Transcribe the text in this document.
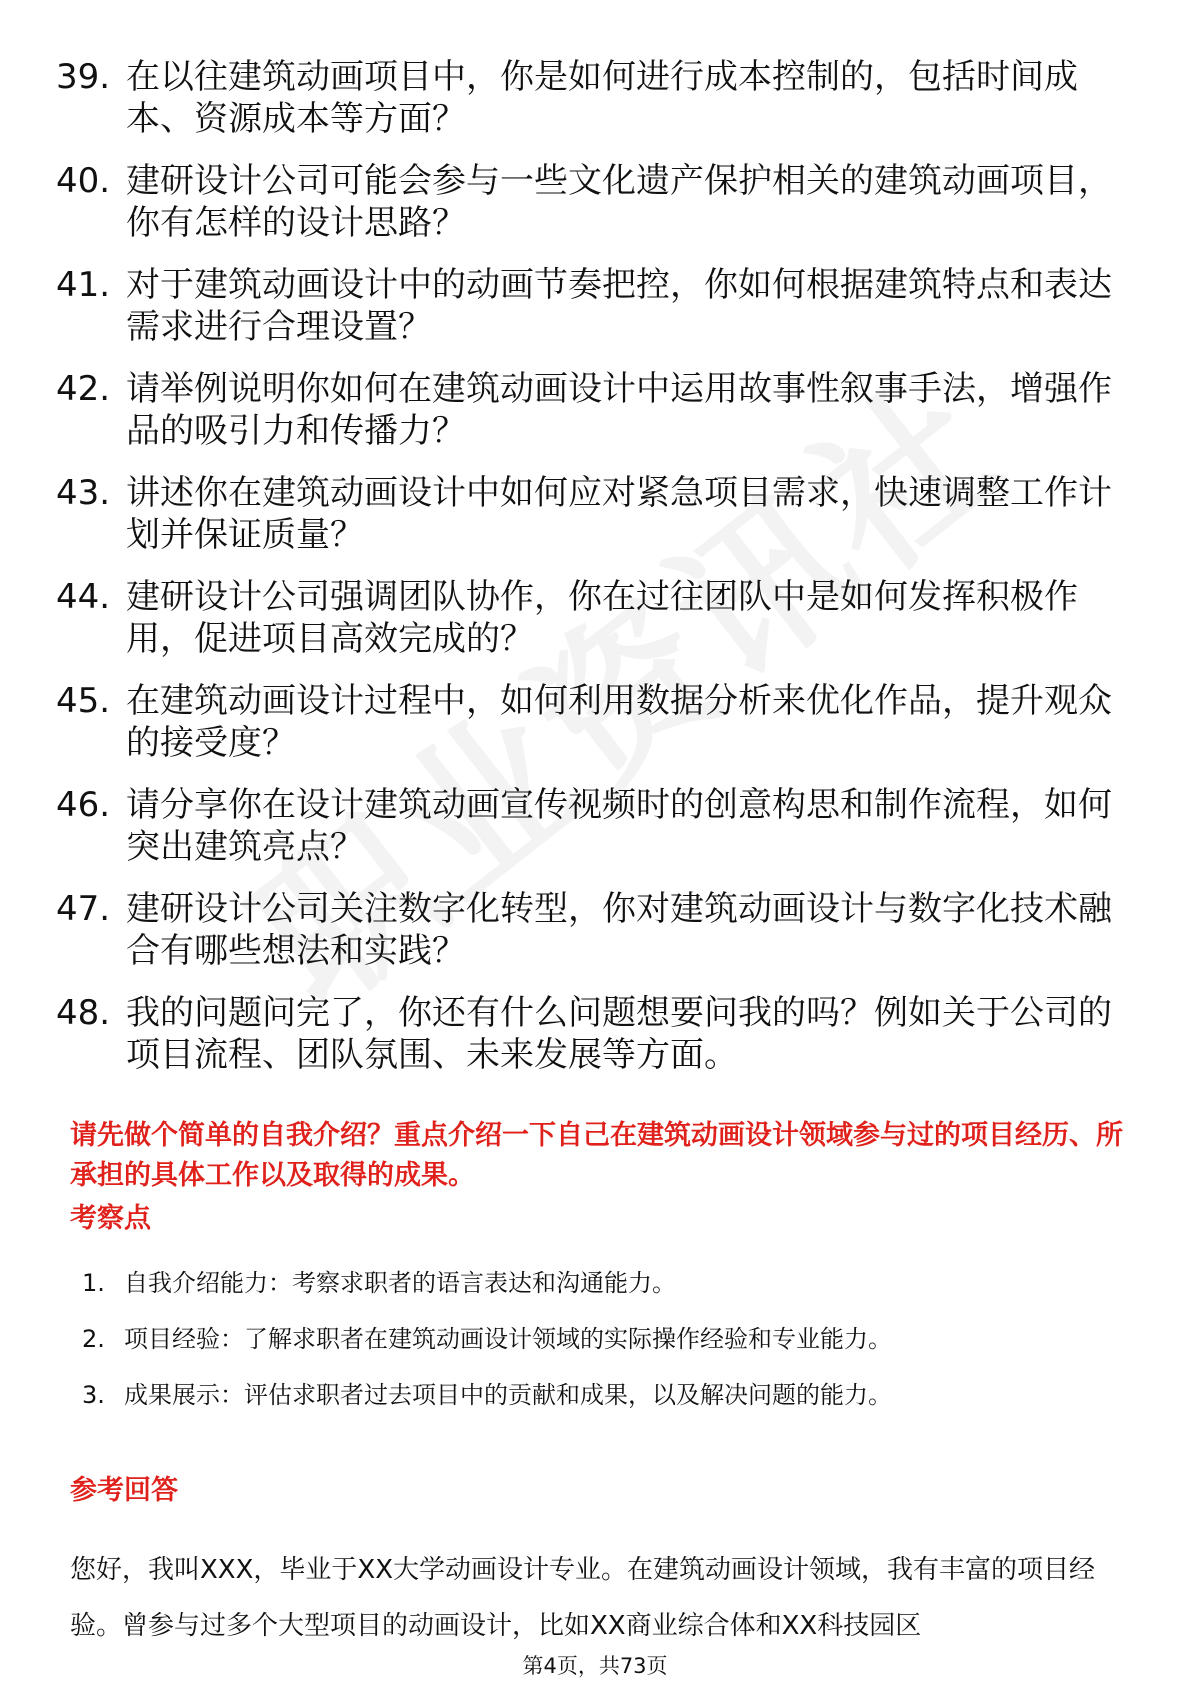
39. 在以往建筑动画项目中，你是如何进行成本控制的，包括时间成本、资源成本等方面？
40. 建研设计公司可能会参与一些文化遗产保护相关的建筑动画项目，你有怎样的设计思路？
41. 对于建筑动画设计中的动画节奏把控，你如何根据建筑特点和表达需求进行合理设置？
42. 请举例说明你如何在建筑动画设计中运用故事性叙事手法，增强作品的吸引力和传播力？
43. 讲述你在建筑动画设计中如何应对紧急项目需求，快速调整工作计划并保证质量？
44. 建研设计公司强调团队协作，你在过往团队中是如何发挥积极作用，促进项目高效完成的？
45. 在建筑动画设计过程中，如何利用数据分析来优化作品，提升观众的接受度？
46. 请分享你在设计建筑动画宣传视频时的创意构思和制作流程，如何突出建筑亮点？
47. 建研设计公司关注数字化转型，你对建筑动画设计与数字化技术融合有哪些想法和实践？
48. 我的问题问完了，你还有什么问题想要问我的吗？例如关于公司的项目流程、团队氛围、未来发展等方面。
请先做个简单的自我介绍？重点介绍一下自己在建筑动画设计领域参与过的项目经历、所承担的具体工作以及取得的成果。
考察点
1. 自我介绍能力：考察求职者的语言表达和沟通能力。
2. 项目经验：了解求职者在建筑动画设计领域的实际操作经验和专业能力。
3. 成果展示：评估求职者过去项目中的贡献和成果，以及解决问题的能力。
参考回答

您好，我叫XXX，毕业于XX大学动画设计专业。在建筑动画设计领域，我有丰富的项目经验。曾参与过多个大型项目的动画设计，比如XX商业综合体和XX科技园区

第4页，共73页
